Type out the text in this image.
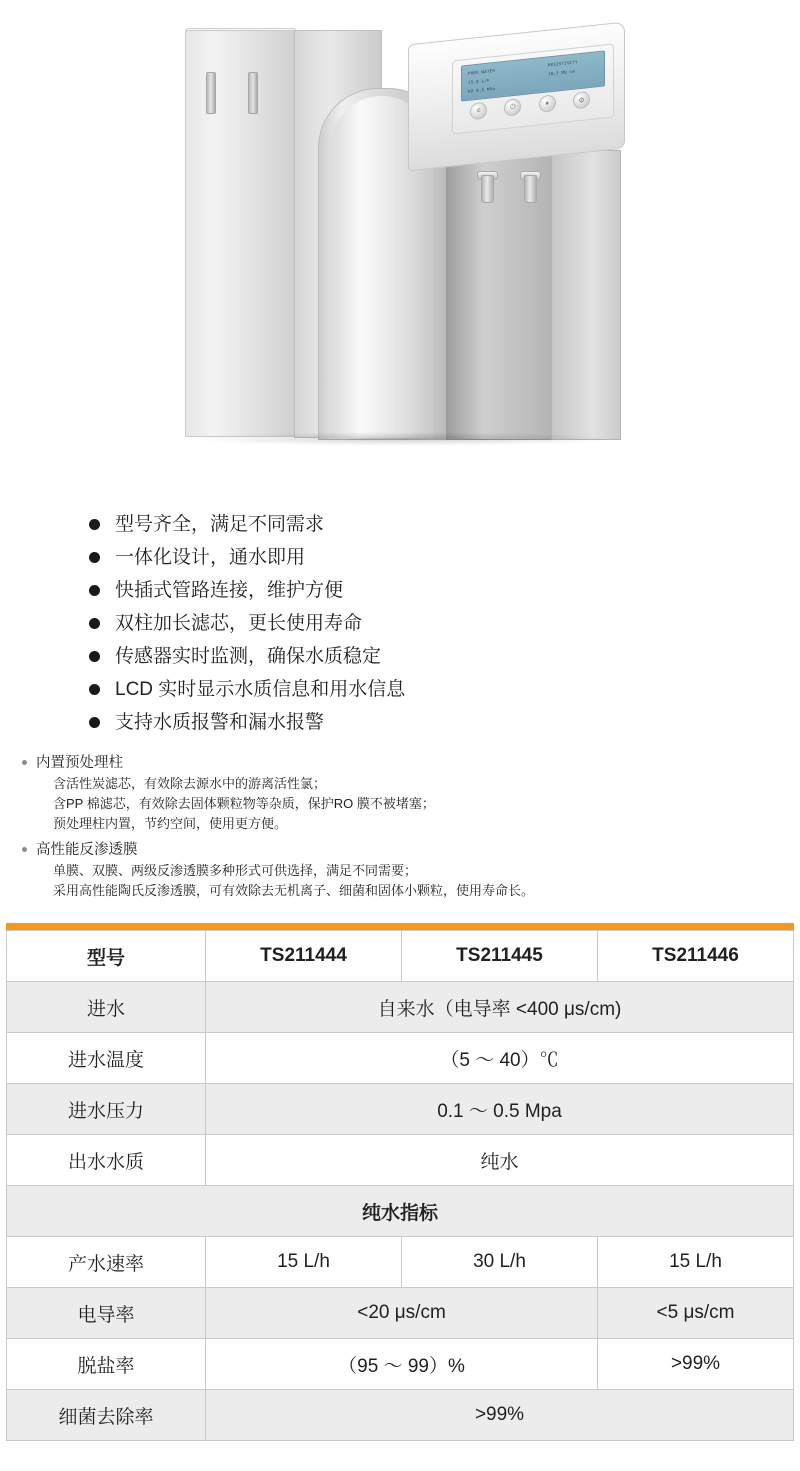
PURE WATER
15.0 L/h
RO 0.5 MPa
RESISTIVITY
18.2 MΩ·cm
≡
⏻	♦	⚙
型号齐全，满足不同需求
一体化设计，通水即用
快插式管路连接，维护方便
双柱加长滤芯，更长使用寿命
传感器实时监测，确保水质稳定
LCD 实时显示水质信息和用水信息
支持水质报警和漏水报警
内置预处理柱
含活性炭滤芯，有效除去源水中的游离活性氯；
含PP 棉滤芯，有效除去固体颗粒物等杂质，保护RO 膜不被堵塞；
预处理柱内置，节约空间，使用更方便。
高性能反渗透膜
单膜、双膜、两级反渗透膜多种形式可供选择，满足不同需要；
采用高性能陶氏反渗透膜，可有效除去无机离子、细菌和固体小颗粒，使用寿命长。
型号	TS211444	TS211445	TS211446
进水	自来水（电导率 <400 μs/cm)		
进水温度	（5 ～ 40）℃		
进水压力	0.1 ～ 0.5 Mpa		
出水水质	纯水		
纯水指标			
产水速率	15 L/h	30 L/h	15 L/h
电导率	<20 μs/cm		<5 μs/cm
脱盐率	（95 ～ 99）%		>99%
细菌去除率	>99%		
